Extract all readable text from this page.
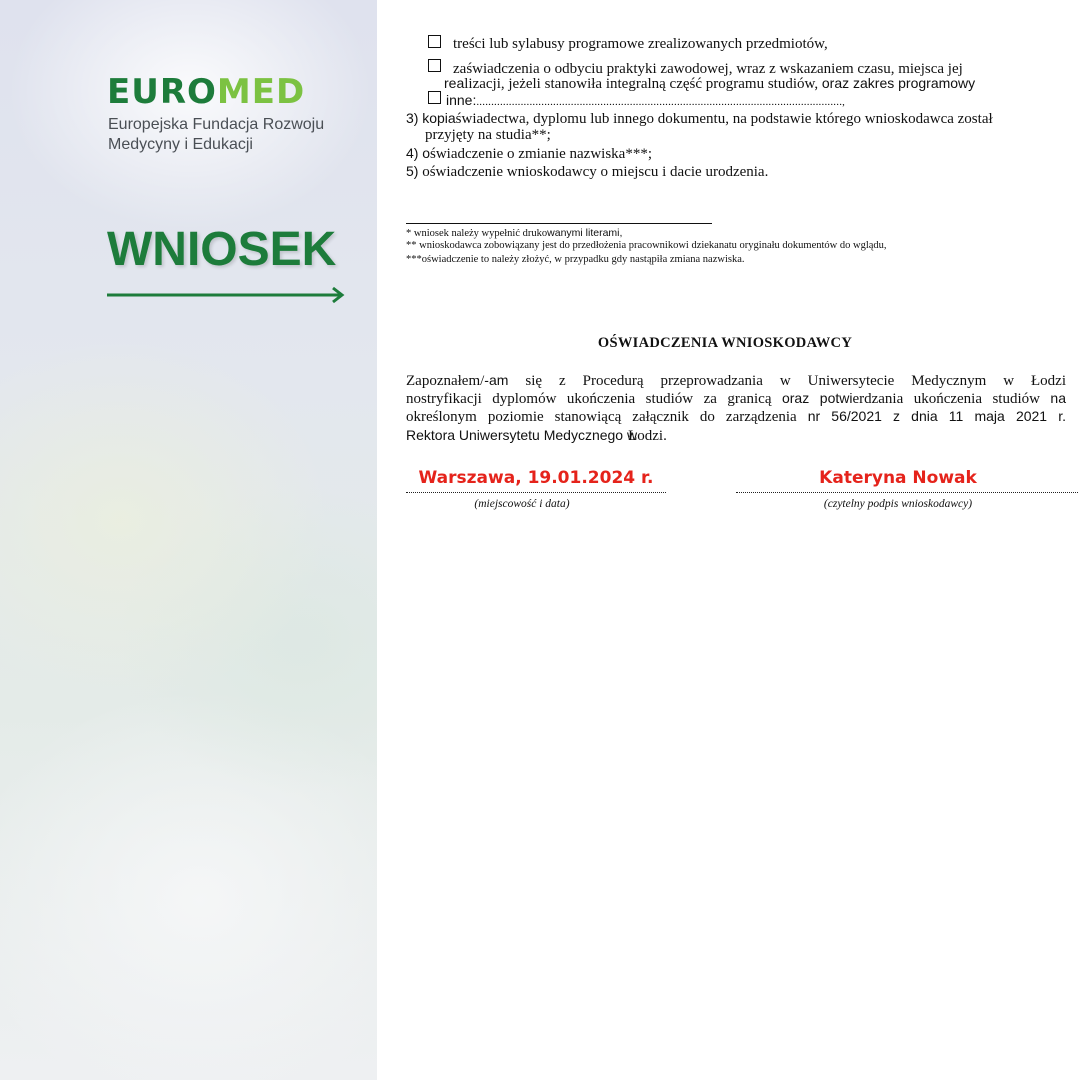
EUROMED
Europejska Fundacja Rozwoju
Medycyny i Edukacji
WNIOSEK
treści lub sylabusy programowe zrealizowanych przedmiotów,
zaświadczenia o odbyciu praktyki zawodowej, wraz z wskazaniem czasu, miejsca jej
realizacji, jeżeli stanowiła integralną część programu studiów, oraz zakres programowy
inne:............................................................................................................................,
3) kopiaświadectwa, dyplomu lub innego dokumentu, na podstawie którego wnioskodawca został
przyjęty na studia**;
4) oświadczenie o zmianie nazwiska***;
5) oświadczenie wnioskodawcy o miejscu i dacie urodzenia.
* wniosek należy wypełnić drukowanymi literami,
** wnioskodawca zobowiązany jest do przedłożenia pracownikowi dziekanatu oryginału dokumentów do wglądu,
***oświadczenie to należy złożyć, w przypadku gdy nastąpiła zmiana nazwiska.
OŚWIADCZENIA WNIOSKODAWCY
Zapoznałem/-am się z Procedurą przeprowadzania w Uniwersytecie Medycznym w Łodzi
nostryfikacji dyplomów ukończenia studiów za granicą oraz potwierdzania ukończenia studiów na
określonym poziomie stanowiącą załącznik do zarządzenia nr 56/2021 z dnia 11 maja 2021 r.
Rektora Uniwersytetu Medycznego wŁodzi.
Warszawa, 19.01.2024 r.
(miejscowość i data)
Kateryna Nowak
(czytelny podpis wnioskodawcy)
